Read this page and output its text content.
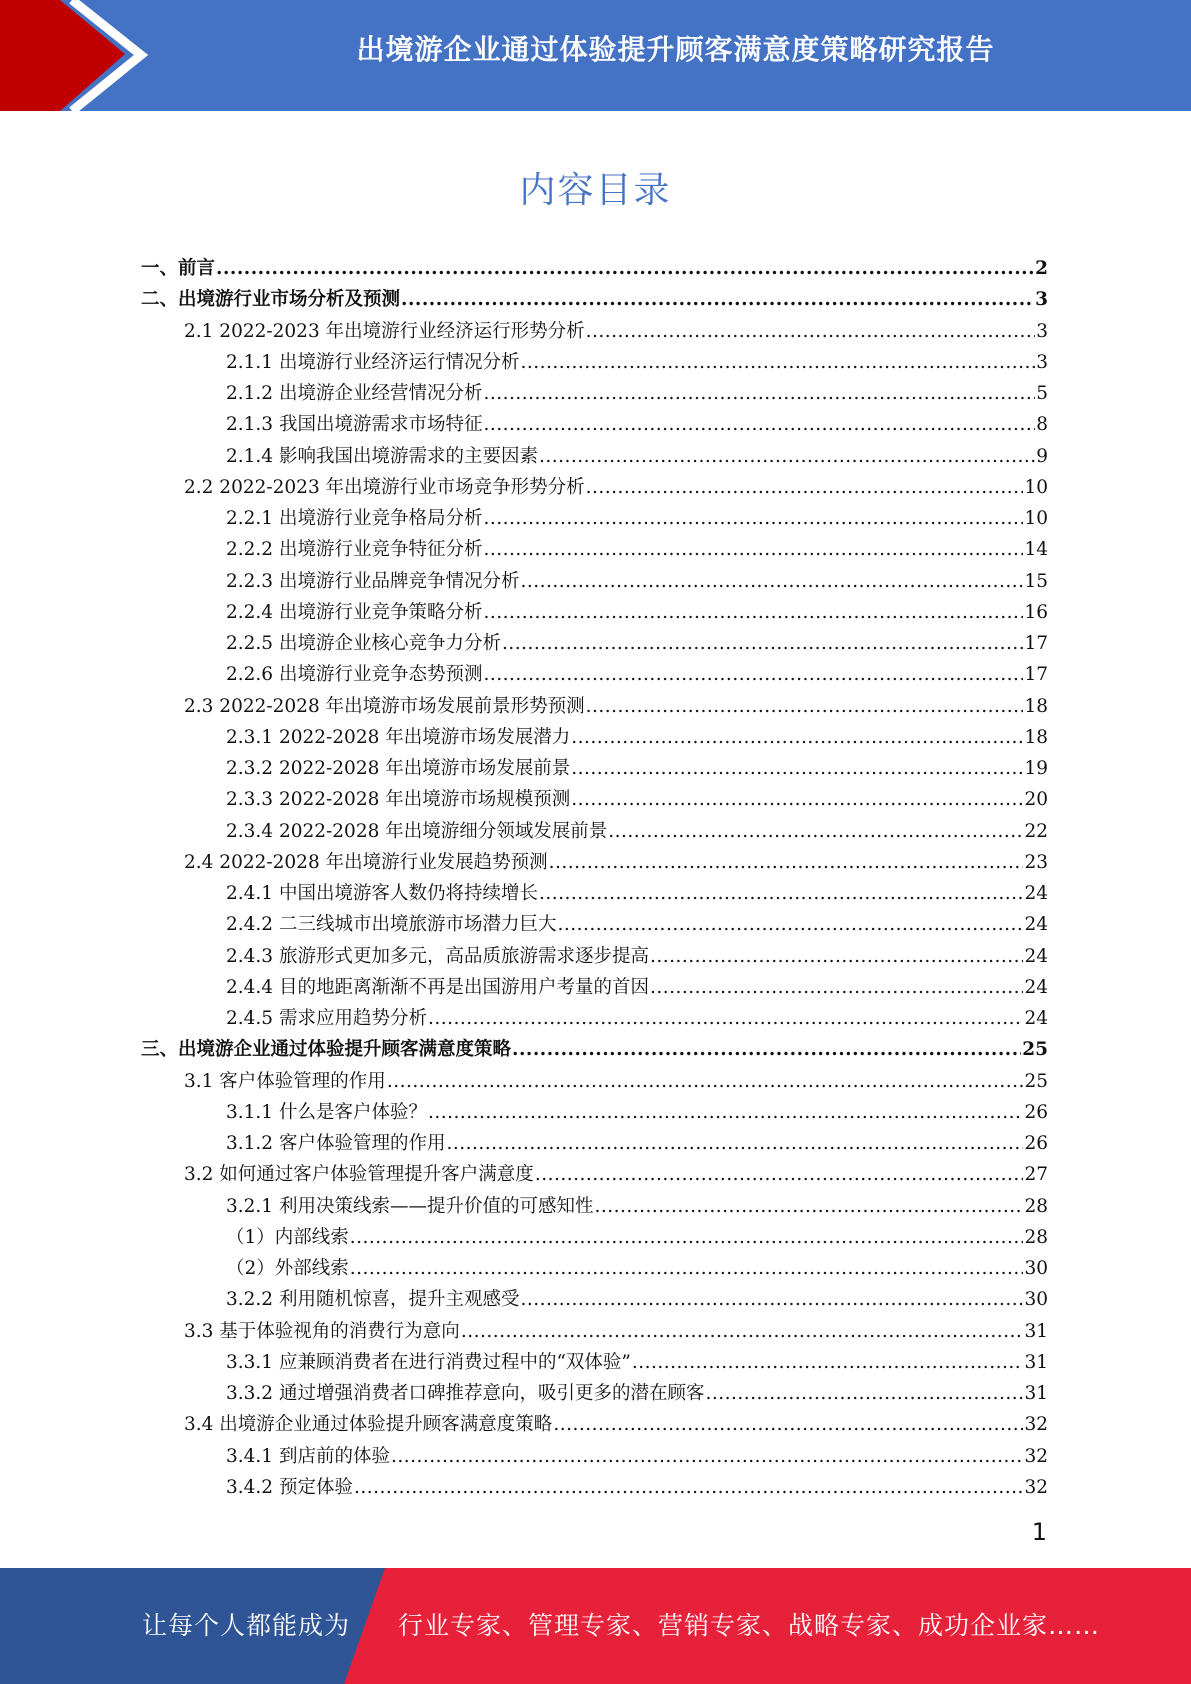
出境游企业通过体验提升顾客满意度策略研究报告
内容目录
一、前言 .....	2
二、出境游行业市场分析及预测 .....	3
2.1 2022-2023 年出境游行业经济运行形势分析 .....	3
2.1.1 出境游行业经济运行情况分析 .....	3
2.1.2 出境游企业经营情况分析 .....	5
2.1.3 我国出境游需求市场特征 .....	8
2.1.4 影响我国出境游需求的主要因素 .....	9
2.2 2022-2023 年出境游行业市场竞争形势分析 .....	10
2.2.1 出境游行业竞争格局分析 .....	10
2.2.2 出境游行业竞争特征分析 .....	14
2.2.3 出境游行业品牌竞争情况分析 .....	15
2.2.4 出境游行业竞争策略分析 .....	16
2.2.5 出境游企业核心竞争力分析 .....	17
2.2.6 出境游行业竞争态势预测 .....	17
2.3 2022-2028 年出境游市场发展前景形势预测 .....	18
2.3.1 2022-2028 年出境游市场发展潜力 .....	18
2.3.2 2022-2028 年出境游市场发展前景 .....	19
2.3.3 2022-2028 年出境游市场规模预测 .....	20
2.3.4 2022-2028 年出境游细分领域发展前景 .....	22
2.4 2022-2028 年出境游行业发展趋势预测 .....	23
2.4.1 中国出境游客人数仍将持续增长 .....	24
2.4.2 二三线城市出境旅游市场潜力巨大 .....	24
2.4.3 旅游形式更加多元，高品质旅游需求逐步提高 .....	24
2.4.4 目的地距离渐渐不再是出国游用户考量的首因 .....	24
2.4.5 需求应用趋势分析 .....	24
三、出境游企业通过体验提升顾客满意度策略 .....	25
3.1 客户体验管理的作用 .....	25
3.1.1 什么是客户体验？ .....	26
3.1.2 客户体验管理的作用 .....	26
3.2 如何通过客户体验管理提升客户满意度 .....	27
3.2.1 利用决策线索——提升价值的可感知性 .....	28
（1）内部线索 .....	28
（2）外部线索 .....	30
3.2.2 利用随机惊喜，提升主观感受 .....	30
3.3 基于体验视角的消费行为意向 .....	31
3.3.1 应兼顾消费者在进行消费过程中的“双体验” .....	31
3.3.2 通过增强消费者口碑推荐意向，吸引更多的潜在顾客 .....	31
3.4 出境游企业通过体验提升顾客满意度策略 .....	32
3.4.1 到店前的体验 .....	32
3.4.2 预定体验 .....	32
1
让每个人都能成为 行业专家、管理专家、营销专家、战略专家、成功企业家……
